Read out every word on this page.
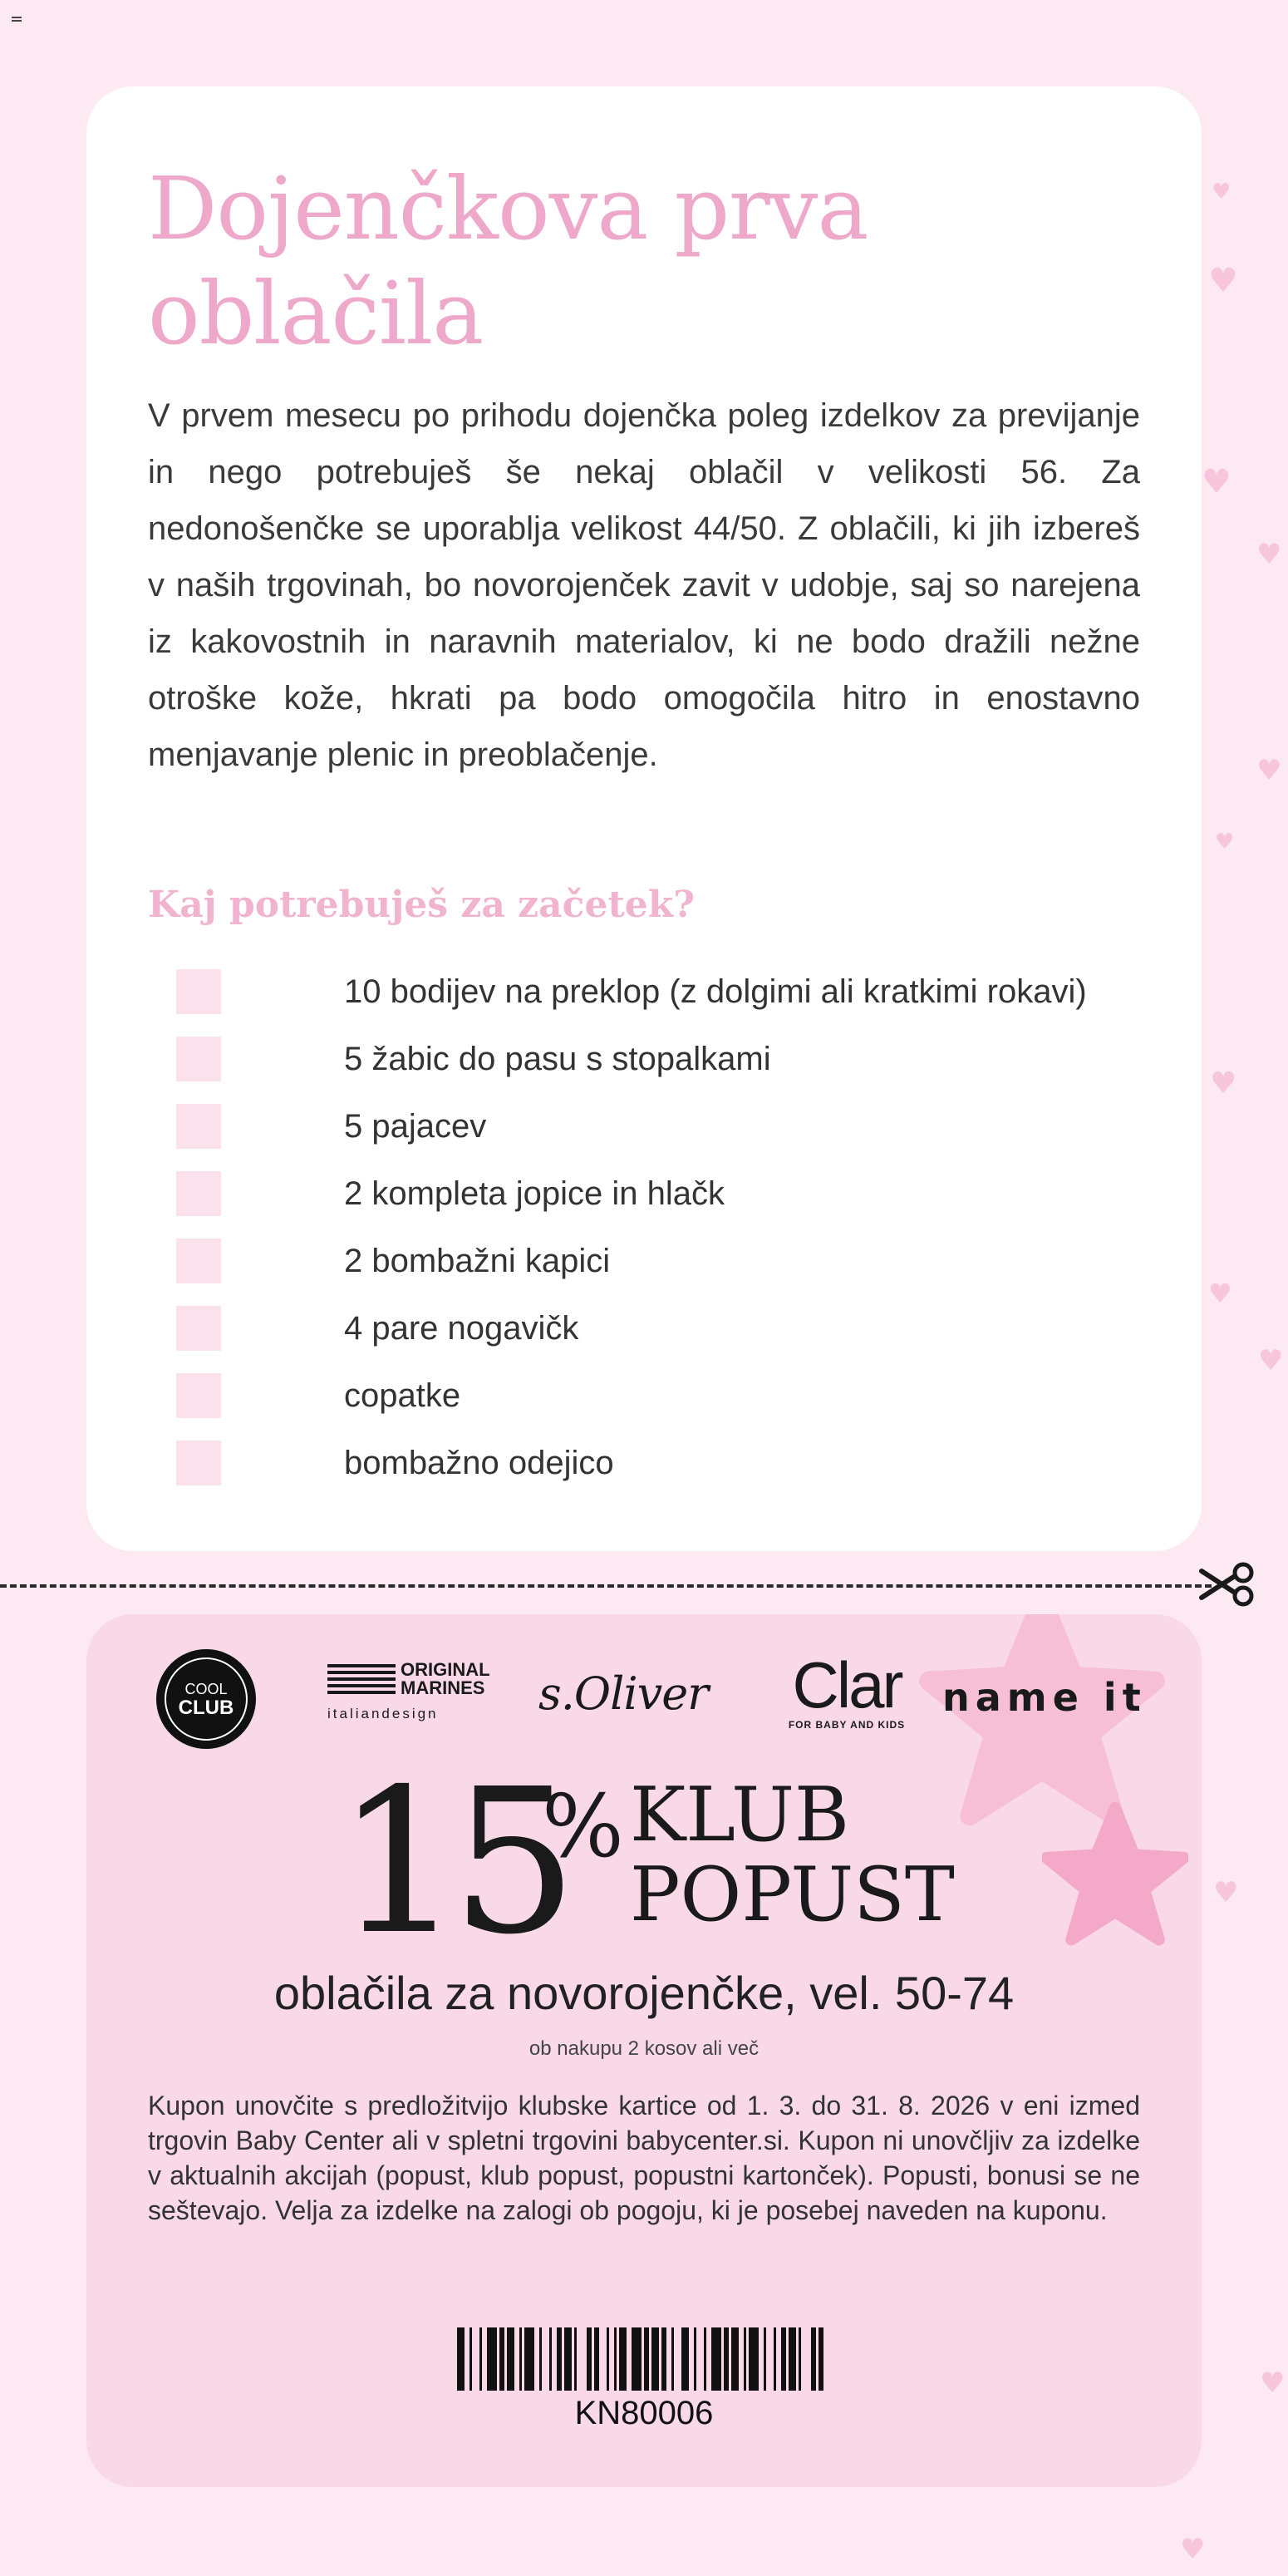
♥
♥
♥
♥
♥
♥
♥
♥
♥
♥
♥
♥
Dojenčkova prva oblačila

V prvem mesecu po prihodu dojenčka poleg izdelkov za previjanje in nego potrebuješ še nekaj oblačil v velikosti 56. Za nedonošenčke se uporablja velikost 44/50. Z oblačili, ki jih izbereš v naših trgovinah, bo novorojenček zavit v udobje, saj so narejena iz kakovostnih in naravnih materialov, ki ne bodo dražili nežne otroške kože, hkrati pa bodo omogočila hitro in enostavno menjavanje plenic in preoblačenje.

Kaj potrebuješ za začetek?
10 bodijev na preklop (z dolgimi ali kratkimi rokavi)
5 žabic do pasu s stopalkami
5 pajacev
2 kompleta jopice in hlačk
2 bombažni kapici
4 pare nogavičk
copatke
bombažno odejico
COOL
CLUB
ORIGINAL
MARINES
italiandesign	s.Oliver	Clar
FOR BABY AND KIDS
name it
15
% KLUB
POPUST
oblačila za novorojenčke, vel. 50-74
ob nakupu 2 kosov ali več

Kupon unovčite s predložitvijo klubske kartice od 1. 3. do 31. 8. 2026 v eni izmed trgovin Baby Center ali v spletni trgovini babycenter.si. Kupon ni unovčljiv za izdelke v aktualnih akcijah (popust, klub popust, popustni kartonček). Popusti, bonusi se ne seštevajo. Velja za izdelke na zalogi ob pogoju, ki je posebej naveden na kuponu.

KN80006
